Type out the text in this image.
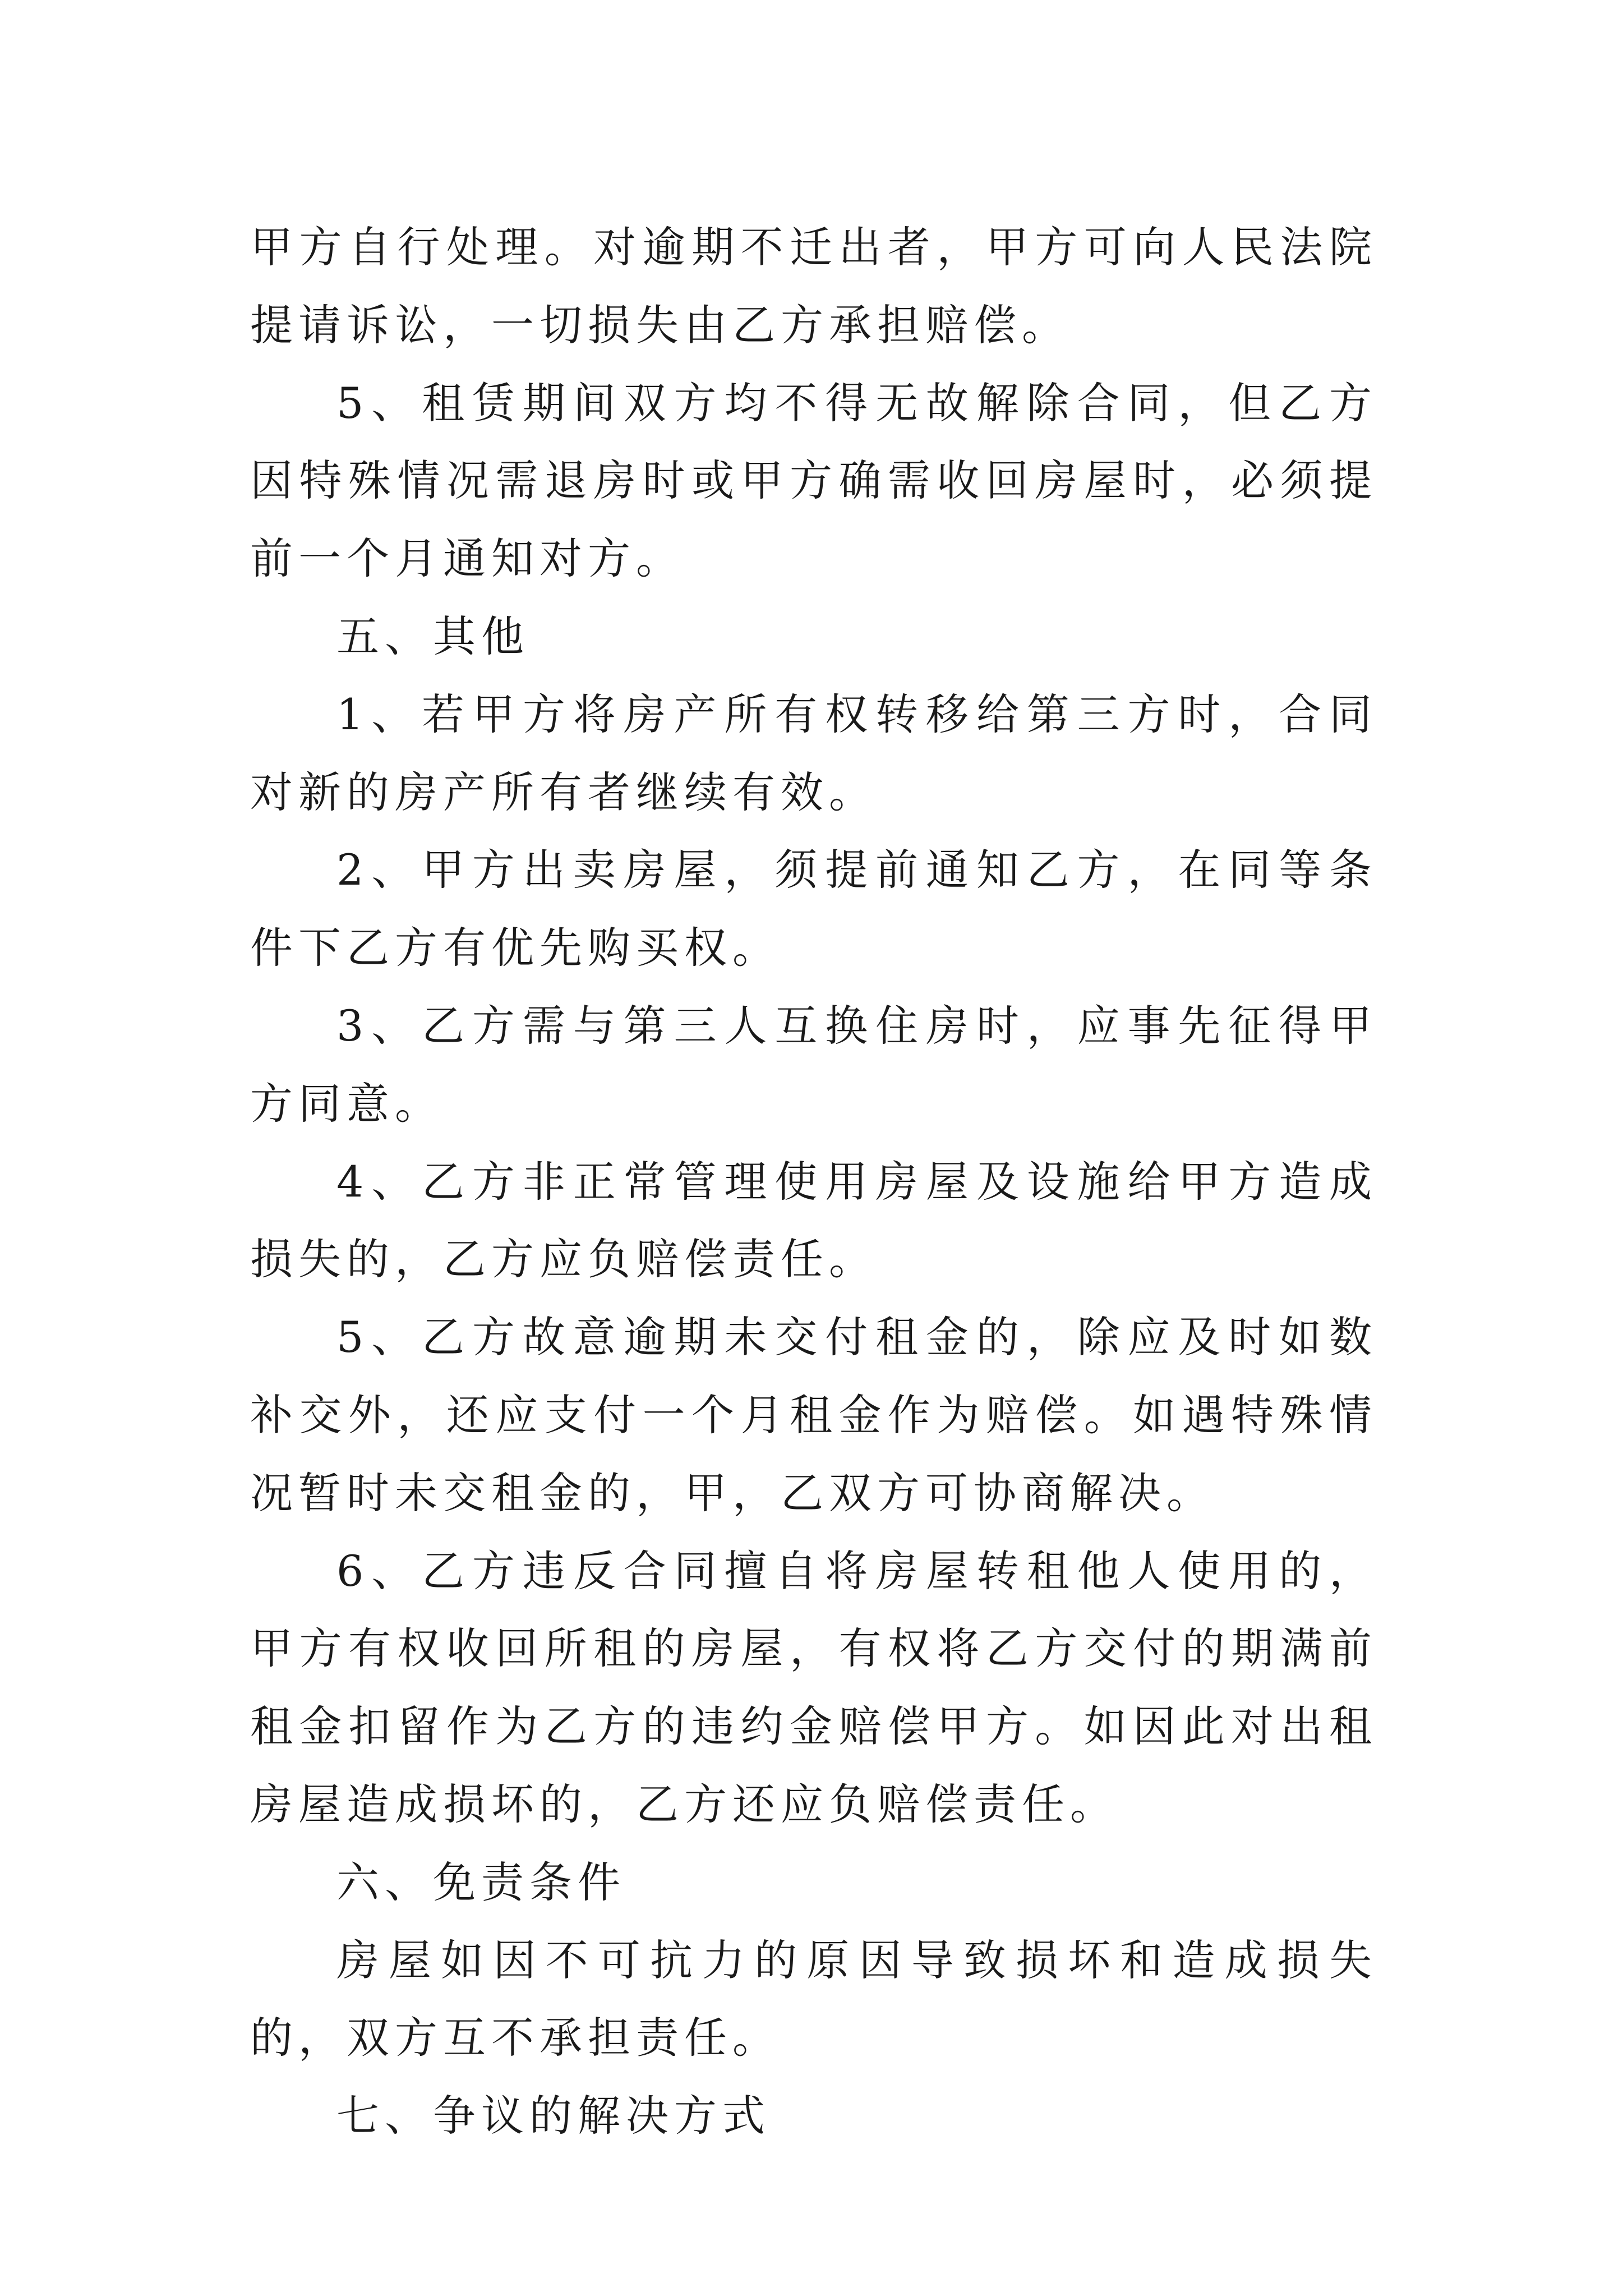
甲方自行处理。对逾期不迁出者，甲方可向人民法院提请诉讼，一切损失由乙方承担赔偿。

5、租赁期间双方均不得无故解除合同，但乙方因特殊情况需退房时或甲方确需收回房屋时，必须提前一个月通知对方。

五、其他

1、若甲方将房产所有权转移给第三方时，合同对新的房产所有者继续有效。

2、甲方出卖房屋，须提前通知乙方，在同等条件下乙方有优先购买权。

3、乙方需与第三人互换住房时，应事先征得甲方同意。

4、乙方非正常管理使用房屋及设施给甲方造成损失的，乙方应负赔偿责任。

5、乙方故意逾期未交付租金的，除应及时如数补交外，还应支付一个月租金作为赔偿。如遇特殊情况暂时未交租金的，甲，乙双方可协商解决。

6、乙方违反合同擅自将房屋转租他人使用的，甲方有权收回所租的房屋，有权将乙方交付的期满前租金扣留作为乙方的违约金赔偿甲方。如因此对出租房屋造成损坏的，乙方还应负赔偿责任。

六、免责条件

房屋如因不可抗力的原因导致损坏和造成损失的，双方互不承担责任。

七、争议的解决方式
